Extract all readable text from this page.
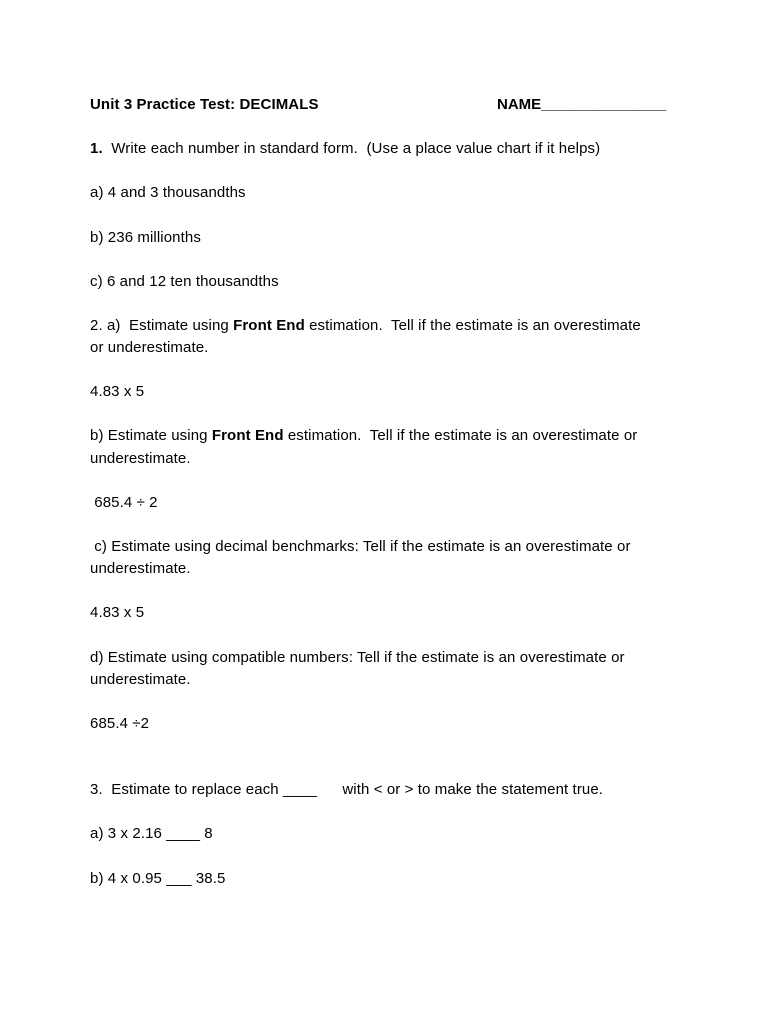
Unit 3 Practice Test: DECIMALS	NAME_______________
1.  Write each number in standard form.  (Use a place value chart if it helps)
a) 4 and 3 thousandths
b) 236 millionths
c) 6 and 12 ten thousandths
2. a)  Estimate using Front End estimation.  Tell if the estimate is an overestimate
or underestimate.
4.83 x 5
b) Estimate using Front End estimation.  Tell if the estimate is an overestimate or
underestimate.
685.4 ÷ 2
c) Estimate using decimal benchmarks: Tell if the estimate is an overestimate or
underestimate.
4.83 x 5
d) Estimate using compatible numbers: Tell if the estimate is an overestimate or
underestimate.
685.4 ÷2
3.  Estimate to replace each ____      with < or > to make the statement true.
a) 3 x 2.16 ____ 8
b) 4 x 0.95 ___ 38.5
